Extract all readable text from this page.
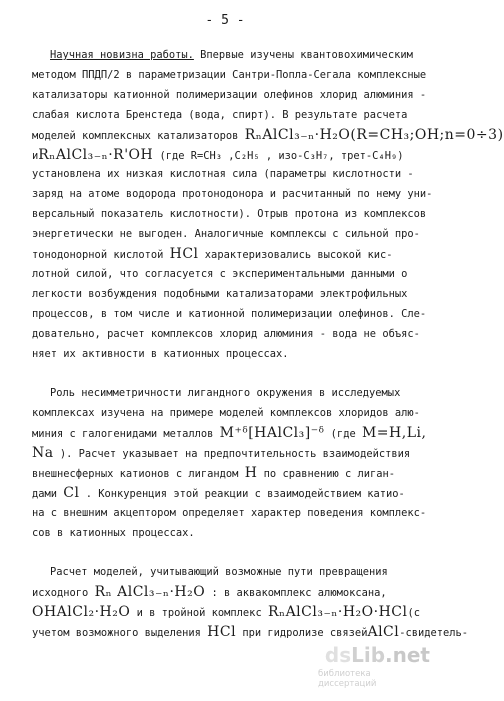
- 5 -
Научная новизна работы. Впервые изучены квантовохимическим
методом ППДП/2 в параметризации Сантри-Попла-Сегала комплексные
катализаторы катионной полимеризации олефинов хлорид алюминия -
слабая кислота Бренстеда (вода, спирт). В результате расчета
моделей комплексных катализаторов RₙAlCl₃₋ₙ·H₂O(R=CH₃;OH;n=0÷3)
иRₙAlCl₃₋ₙ·R'OH (где R=CH₃ ,C₂H₅ , изо-C₃H₇, трет-C₄H₉)
установлена их низкая кислотная сила (параметры кислотности -
заряд на атоме водорода протонодонора и расчитанный по нему уни-
версальный показатель кислотности). Отрыв протона из комплексов
энергетически не выгоден. Аналогичные комплексы с сильной про-
тонодонорной кислотой HCl характеризовались высокой кис-
лотной силой, что согласуется с экспериментальными данными о
легкости возбуждения подобными катализаторами электрофильных
процессов, в том числе и катионной полимеризации олефинов. Сле-
довательно, расчет комплексов хлорид алюминия - вода не объяс-
няет их активности в катионных процессах.
Роль несимметричности лигандного окружения в исследуемых
комплексах изучена на примере моделей комплексов хлоридов алю-
миния с галогенидами металлов M⁺ᵟ[HAlCl₃]⁻ᵟ (где M=H,Li,
Na ). Расчет указывает на предпочтительность взаимодействия
внешнесферных катионов с лигандом H по сравнению с лиган-
дами Cl . Конкуренция этой реакции с взаимодействием катио-
на с внешним акцептором определяет характер поведения комплекс-
сов в катионных процессах.
Расчет моделей, учитывающий возможные пути превращения
исходного Rₙ AlCl₃₋ₙ·H₂O : в аквакомплекс алюмоксана,
OHAlCl₂·H₂O и в тройной комплекс RₙAlCl₃₋ₙ·H₂O·HCl(с
учетом возможного выделения HCl при гидролизе связейAlCl-свидетель-
dsLib.net
библиотека диссертаций
